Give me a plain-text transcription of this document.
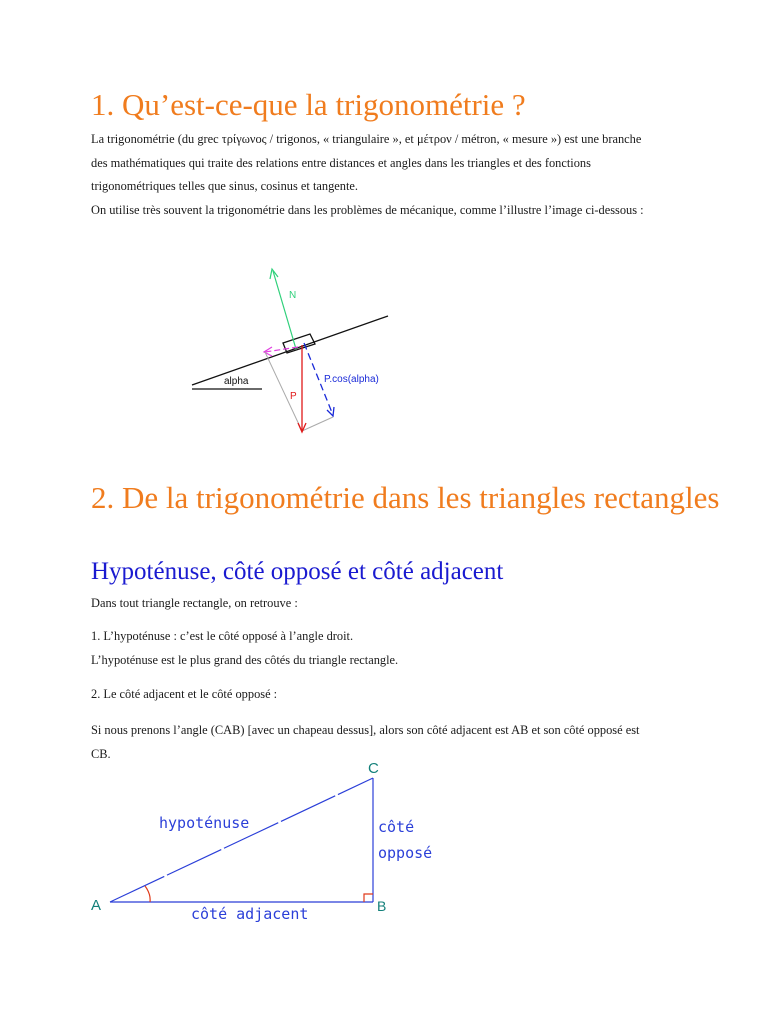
1. Qu’est-ce-que la trigonométrie ?

La trigonométrie (du grec τρίγωνος / trigonos, « triangulaire », et μέτρον / métron, « mesure ») est une branche des mathématiques qui traite des relations entre distances et angles dans les triangles et des fonctions trigonométriques telles que sinus, cosinus et tangente.

On utilise très souvent la trigonométrie dans les problèmes de mécanique, comme l’illustre l’image ci-dessous :

N
P
P.cos(alpha)
alpha
2. De la trigonométrie dans les triangles rectangles
Hypoténuse, côté opposé et côté adjacent

Dans tout triangle rectangle, on retrouve :

1. L’hypoténuse : c’est le côté opposé à l’angle droit.

L’hypoténuse est le plus grand des côtés du triangle rectangle.

2. Le côté adjacent et le côté opposé :

Si nous prenons l’angle (CAB) [avec un chapeau dessus], alors son côté adjacent est AB et son côté opposé est CB.

A	B
C
hypoténuse
côté adjacent
côté
opposé
